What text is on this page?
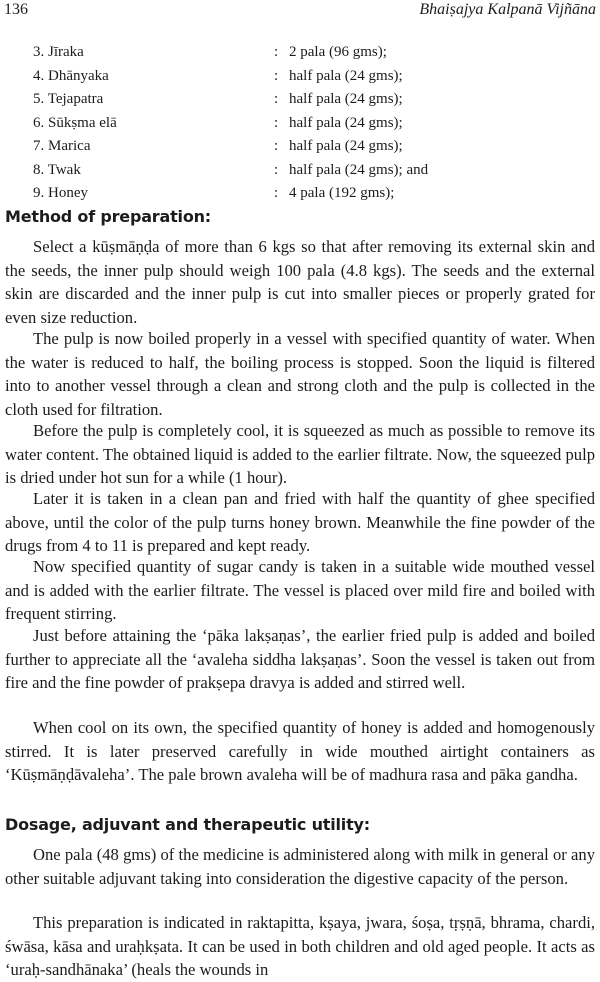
136	Bhaiṣajya Kalpanā Vijñāna
3. Jīraka	: 2 pala (96 gms);
4. Dhānyaka	: half pala (24 gms);
5. Tejapatra	: half pala (24 gms);
6. Sūkṣma elā	: half pala (24 gms);
7. Marica	: half pala (24 gms);
8. Twak	: half pala (24 gms); and
9. Honey	: 4 pala (192 gms);
Method of preparation:

Select a kūṣmāṇḍa of more than 6 kgs so that after removing its external skin and the seeds, the inner pulp should weigh 100 pala (4.8 kgs). The seeds and the external skin are discarded and the inner pulp is cut into smaller pieces or properly grated for even size reduction.

The pulp is now boiled properly in a vessel with specified quantity of water. When the water is reduced to half, the boiling process is stopped. Soon the liquid is filtered into to another vessel through a clean and strong cloth and the pulp is collected in the cloth used for filtration.

Before the pulp is completely cool, it is squeezed as much as possible to remove its water content. The obtained liquid is added to the earlier filtrate. Now, the squeezed pulp is dried under hot sun for a while (1 hour).

Later it is taken in a clean pan and fried with half the quantity of ghee specified above, until the color of the pulp turns honey brown. Meanwhile the fine powder of the drugs from 4 to 11 is prepared and kept ready.

Now specified quantity of sugar candy is taken in a suitable wide mouthed vessel and is added with the earlier filtrate. The vessel is placed over mild fire and boiled with frequent stirring.

Just before attaining the ‘pāka lakṣaṇas’, the earlier fried pulp is added and boiled further to appreciate all the ‘avaleha siddha lakṣaṇas’. Soon the vessel is taken out from fire and the fine powder of prakṣepa dravya is added and stirred well.

When cool on its own, the specified quantity of honey is added and homogenously stirred. It is later preserved carefully in wide mouthed airtight containers as ‘Kūṣmāṇḍāvaleha’. The pale brown avaleha will be of madhura rasa and pāka gandha.

Dosage, adjuvant and therapeutic utility:

One pala (48 gms) of the medicine is administered along with milk in general or any other suitable adjuvant taking into consideration the digestive capacity of the person.

This preparation is indicated in raktapitta, kṣaya, jwara, śoṣa, tṛṣṇā, bhrama, chardi, śwāsa, kāsa and uraḥkṣata. It can be used in both children and old aged people. It acts as ‘uraḥ-sandhānaka’ (heals the wounds in
